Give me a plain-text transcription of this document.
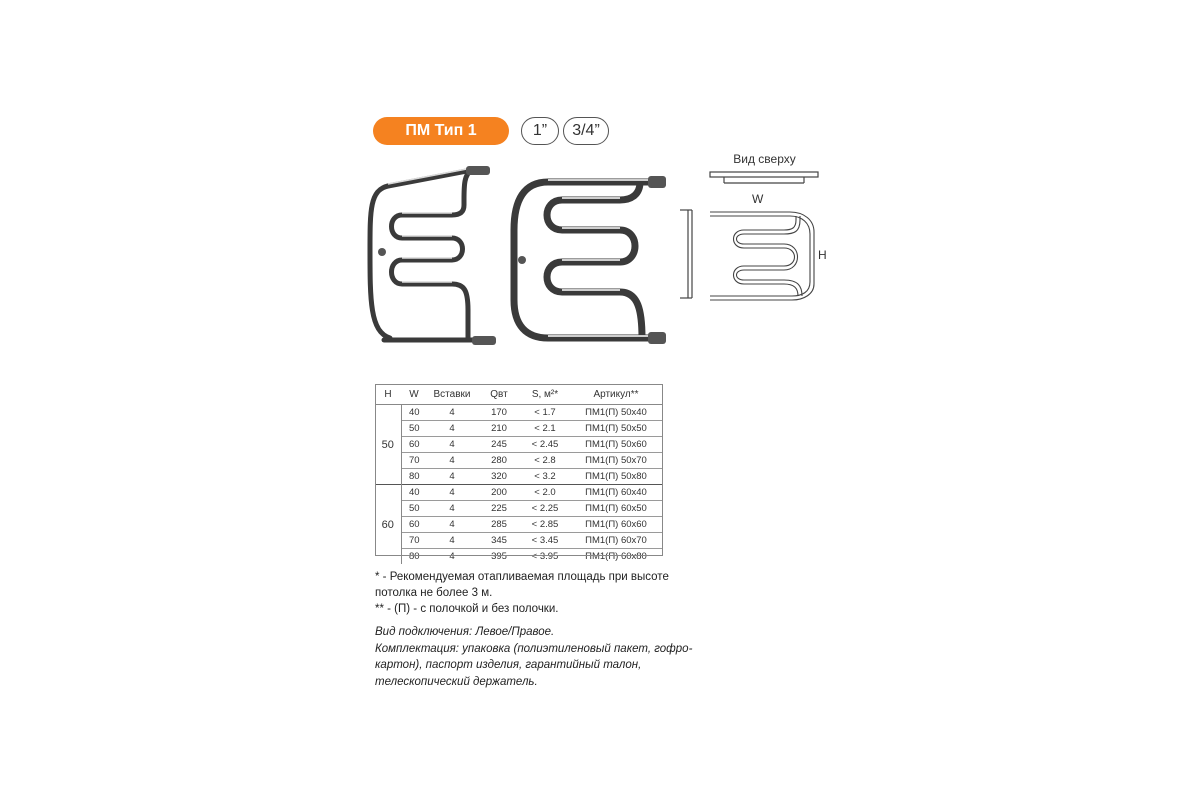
ПМ Тип 1	1”	3/4”
Вид сверху
W
H
H	W	Вставки	Qвт	S, м²*	Артикул**
50	40	4	170	< 1.7	ПМ1(П) 50х40
	50	4	210	< 2.1	ПМ1(П) 50х50
	60	4	245	< 2.45	ПМ1(П) 50х60
	70	4	280	< 2.8	ПМ1(П) 50х70
	80	4	320	< 3.2	ПМ1(П) 50х80
60	40	4	200	< 2.0	ПМ1(П) 60х40
	50	4	225	< 2.25	ПМ1(П) 60х50
	60	4	285	< 2.85	ПМ1(П) 60х60
	70	4	345	< 3.45	ПМ1(П) 60х70
	80	4	395	< 3.95	ПМ1(П) 60х80

* - Рекомендуемая отапливаемая площадь при высоте потолка не более 3 м.

** - (П) - с полочкой и без полочки.

Вид подключения: Левое/Правое.

Комплектация: упаковка (полиэтиленовый пакет, гофро-картон), паспорт изделия, гарантийный талон, телескопический держатель.
